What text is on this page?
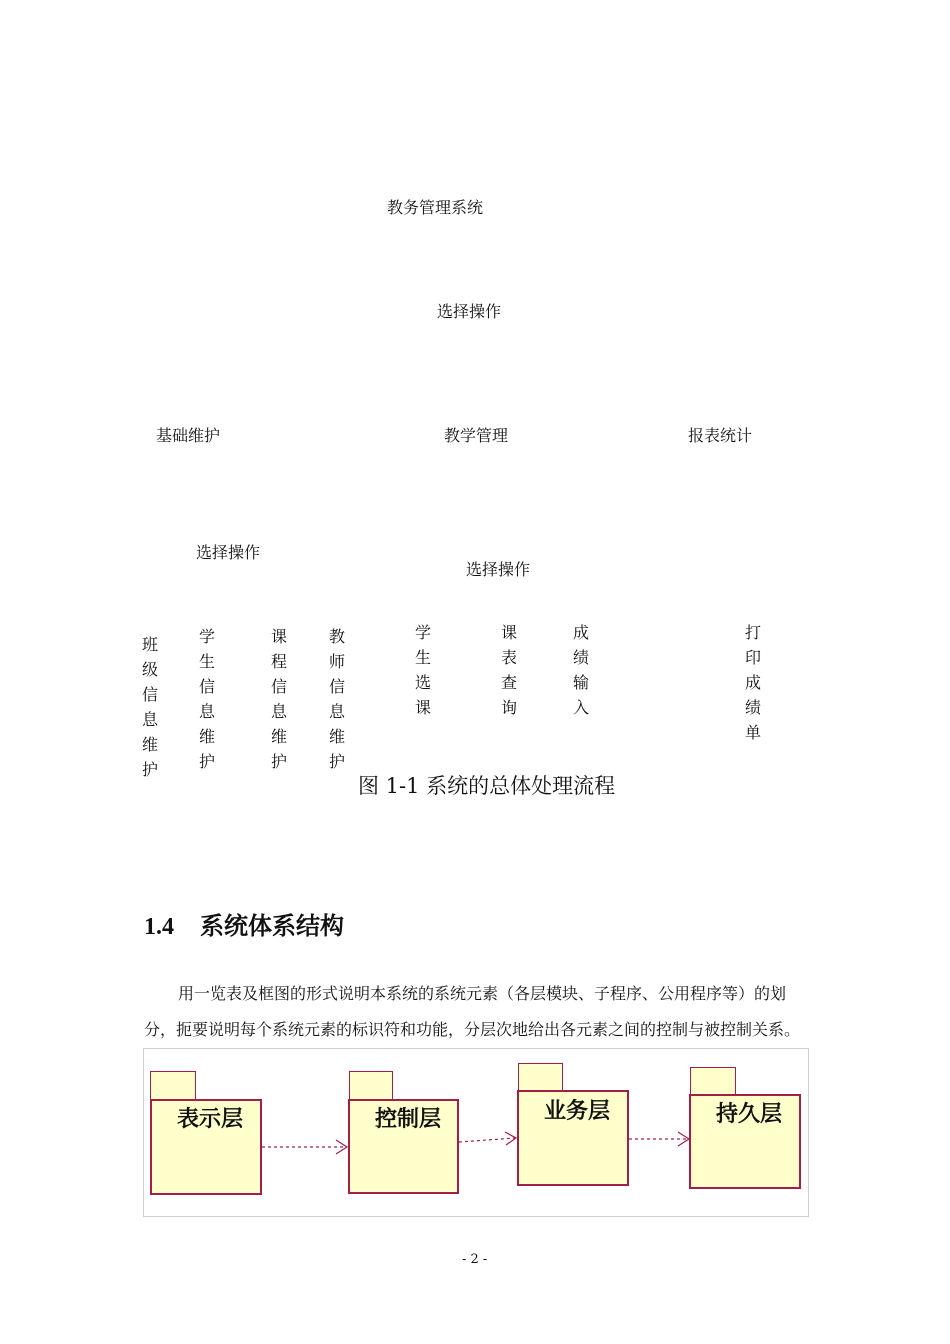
教务管理系统
选择操作
基础维护	教学管理	报表统计
选择操作
选择操作
班
级
信
息
维
护
学
生
信
息
维
护
课
程
信
息
维
护
教
师
信
息
维
护
学
生
选
课
课
表
查
询
成
绩
输
入
打
印
成
绩
单
图 1-1 系统的总体处理流程
1.4 系统体系结构
用一览表及框图的形式说明本系统的系统元素（各层模块、子程序、公用程序等）的划
分，扼要说明每个系统元素的标识符和功能，分层次地给出各元素之间的控制与被控制关系。
表示层	控制层	业务层	持久层
- 2 -
